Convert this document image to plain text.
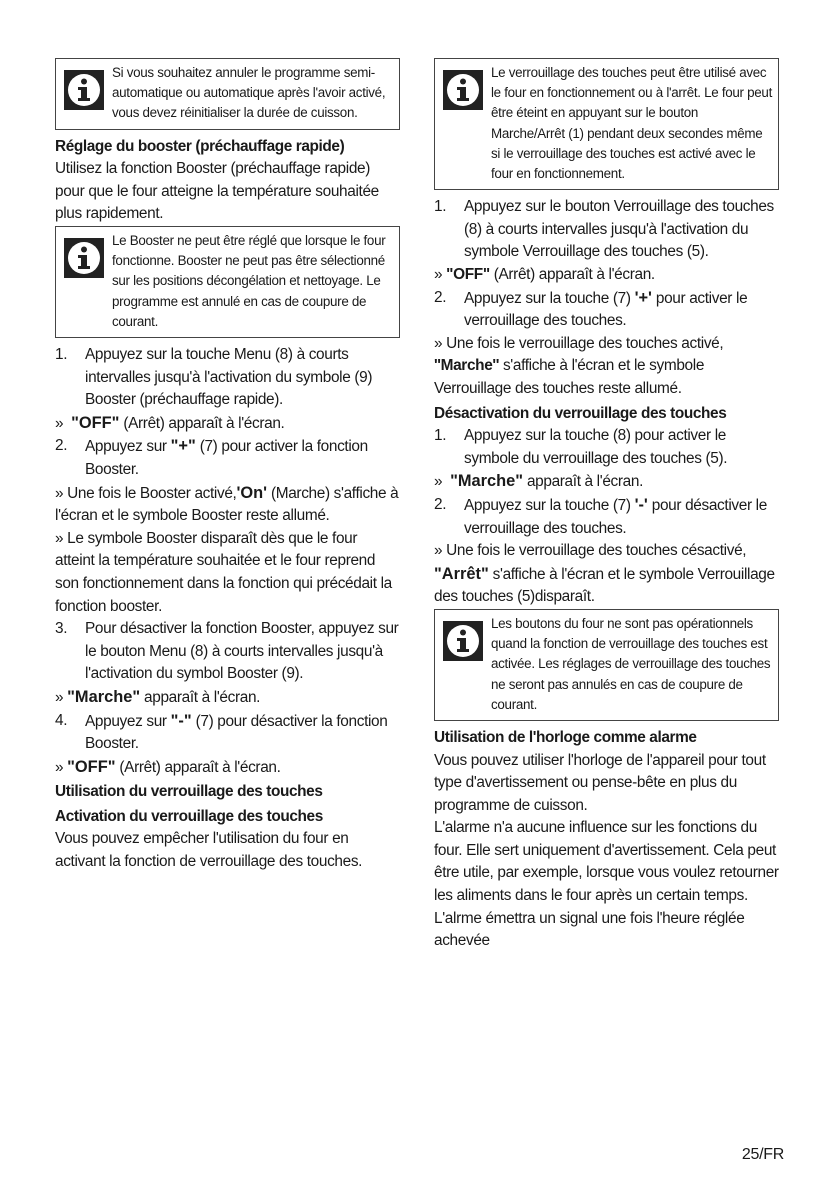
Si vous souhaitez annuler le programme semi-automatique ou automatique après l'avoir activé, vous devez réinitialiser la durée de cuisson.

Réglage du booster (préchauffage rapide)

Utilisez la fonction Booster (préchauffage rapide) pour que le four atteigne la température souhaitée plus rapidement.

Le Booster ne peut être réglé que lorsque le four fonctionne. Booster ne peut pas être sélectionné sur les positions décongélation et nettoyage. Le programme est annulé en cas de coupure de courant.
1.	Appuyez sur la touche Menu (8) à courts intervalles jusqu'à l'activation du symbole (9) Booster (préchauffage rapide).
» "OFF" (Arrêt) apparaît à l'écran.
2.	Appuyez sur "+" (7) pour activer la fonction Booster.

» Une fois le Booster activé,'On' (Marche) s'affiche à l'écran et le symbole Booster reste allumé.

» Le symbole Booster disparaît dès que le four atteint la température souhaitée et le four reprend son fonctionnement dans la fonction qui précédait la fonction booster.

3.	Pour désactiver la fonction Booster, appuyez sur le bouton Menu (8) à courts intervalles jusqu'à l'activation du symbol Booster (9).
» "Marche" apparaît à l'écran.
4.	Appuyez sur "-" (7) pour désactiver la fonction Booster.
» "OFF" (Arrêt) apparaît à l'écran.

Utilisation du verrouillage des touches

Activation du verrouillage des touches

Vous pouvez empêcher l'utilisation du four en activant la fonction de verrouillage des touches.

Le verrouillage des touches peut être utilisé avec le four en fonctionnement ou à l'arrêt. Le four peut être éteint en appuyant sur le bouton Marche/Arrêt (1) pendant deux secondes même si le verrouillage des touches est activé avec le four en fonctionnement.
1.	Appuyez sur le bouton Verrouillage des touches (8) à courts intervalles jusqu'à l'activation du symbole Verrouillage des touches (5).
» "OFF" (Arrêt) apparaît à l'écran.
2.	Appuyez sur la touche (7) '+' pour activer le verrouillage des touches.

» Une fois le verrouillage des touches activé, ''Marche'' s'affiche à l'écran et le symbole Verrouillage des touches reste allumé.

Désactivation du verrouillage des touches

1.	Appuyez sur la touche (8) pour activer le symbole du verrouillage des touches (5).
» "Marche" apparaît à l'écran.
2.	Appuyez sur la touche (7) '-' pour désactiver le verrouillage des touches.

» Une fois le verrouillage des touches césactivé, "Arrêt" s'affiche à l'écran et le symbole Verrouillage des touches (5)disparaît.

Les boutons du four ne sont pas opérationnels quand la fonction de verrouillage des touches est activée. Les réglages de verrouillage des touches ne seront pas annulés en cas de coupure de courant.

Utilisation de l'horloge comme alarme

Vous pouvez utiliser l'horloge de l'appareil pour tout type d'avertissement ou pense-bête en plus du programme de cuisson.

L'alarme n'a aucune influence sur les fonctions du four. Elle sert uniquement d'avertissement. Cela peut être utile, par exemple, lorsque vous voulez retourner les aliments dans le four après un certain temps. L'alrme émettra un signal une fois l'heure réglée achevée

25/FR
